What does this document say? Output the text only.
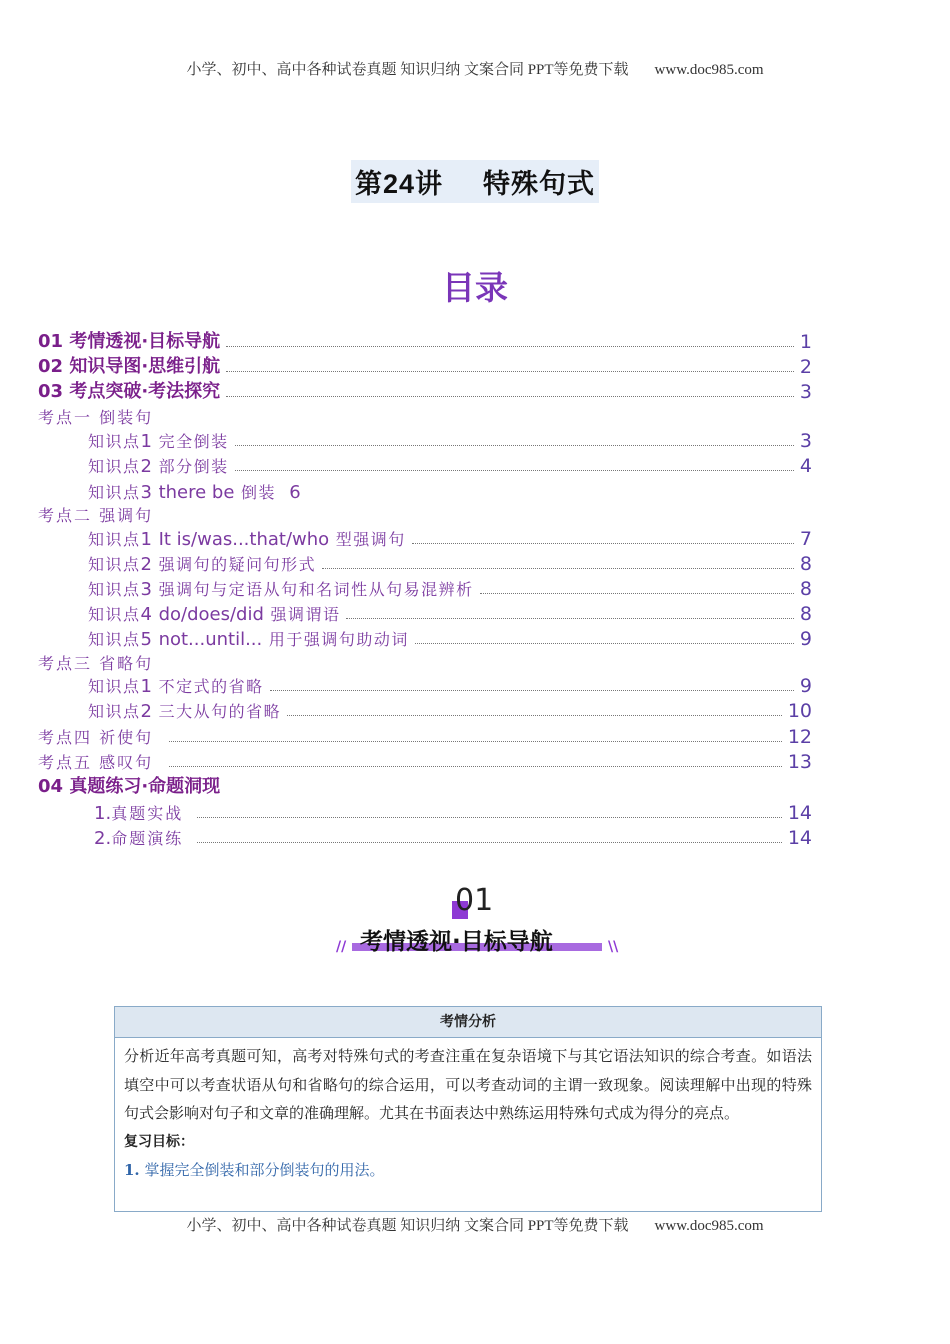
小学、初中、高中各种试卷真题 知识归纳 文案合同 PPT等免费下载 www.doc985.com
第24讲 特殊句式
目录
01 考情透视·目标导航	1
02 知识导图·思维引航	2
03 考点突破·考法探究	3
考点一 倒装句
知识点1 完全倒装	3
知识点2 部分倒装	4
知识点3 there be 倒装 6
考点二 强调句
知识点1 It is/was...that/who 型强调句	7
知识点2 强调句的疑问句形式	8
知识点3 强调句与定语从句和名词性从句易混辨析	8
知识点4 do/does/did 强调谓语	8
知识点5 not...until... 用于强调句助动词	9
考点三 省略句
知识点1 不定式的省略	9
知识点2 三大从句的省略	10
考点四 祈使句	12
考点五 感叹句	13
04 真题练习·命题洞现
1.真题实战	14
2.命题演练	14
01
// 考情透视·目标导航	\\
考情分析
分析近年高考真题可知，高考对特殊句式的考查注重在复杂语境下与其它语法知识的综合考查。如语法填空中可以考查状语从句和省略句的综合运用，可以考查动词的主谓一致现象。阅读理解中出现的特殊句式会影响对句子和文章的准确理解。尤其在书面表达中熟练运用特殊句式成为得分的亮点。
复习目标：
1. 掌握完全倒装和部分倒装句的用法。
小学、初中、高中各种试卷真题 知识归纳 文案合同 PPT等免费下载 www.doc985.com
